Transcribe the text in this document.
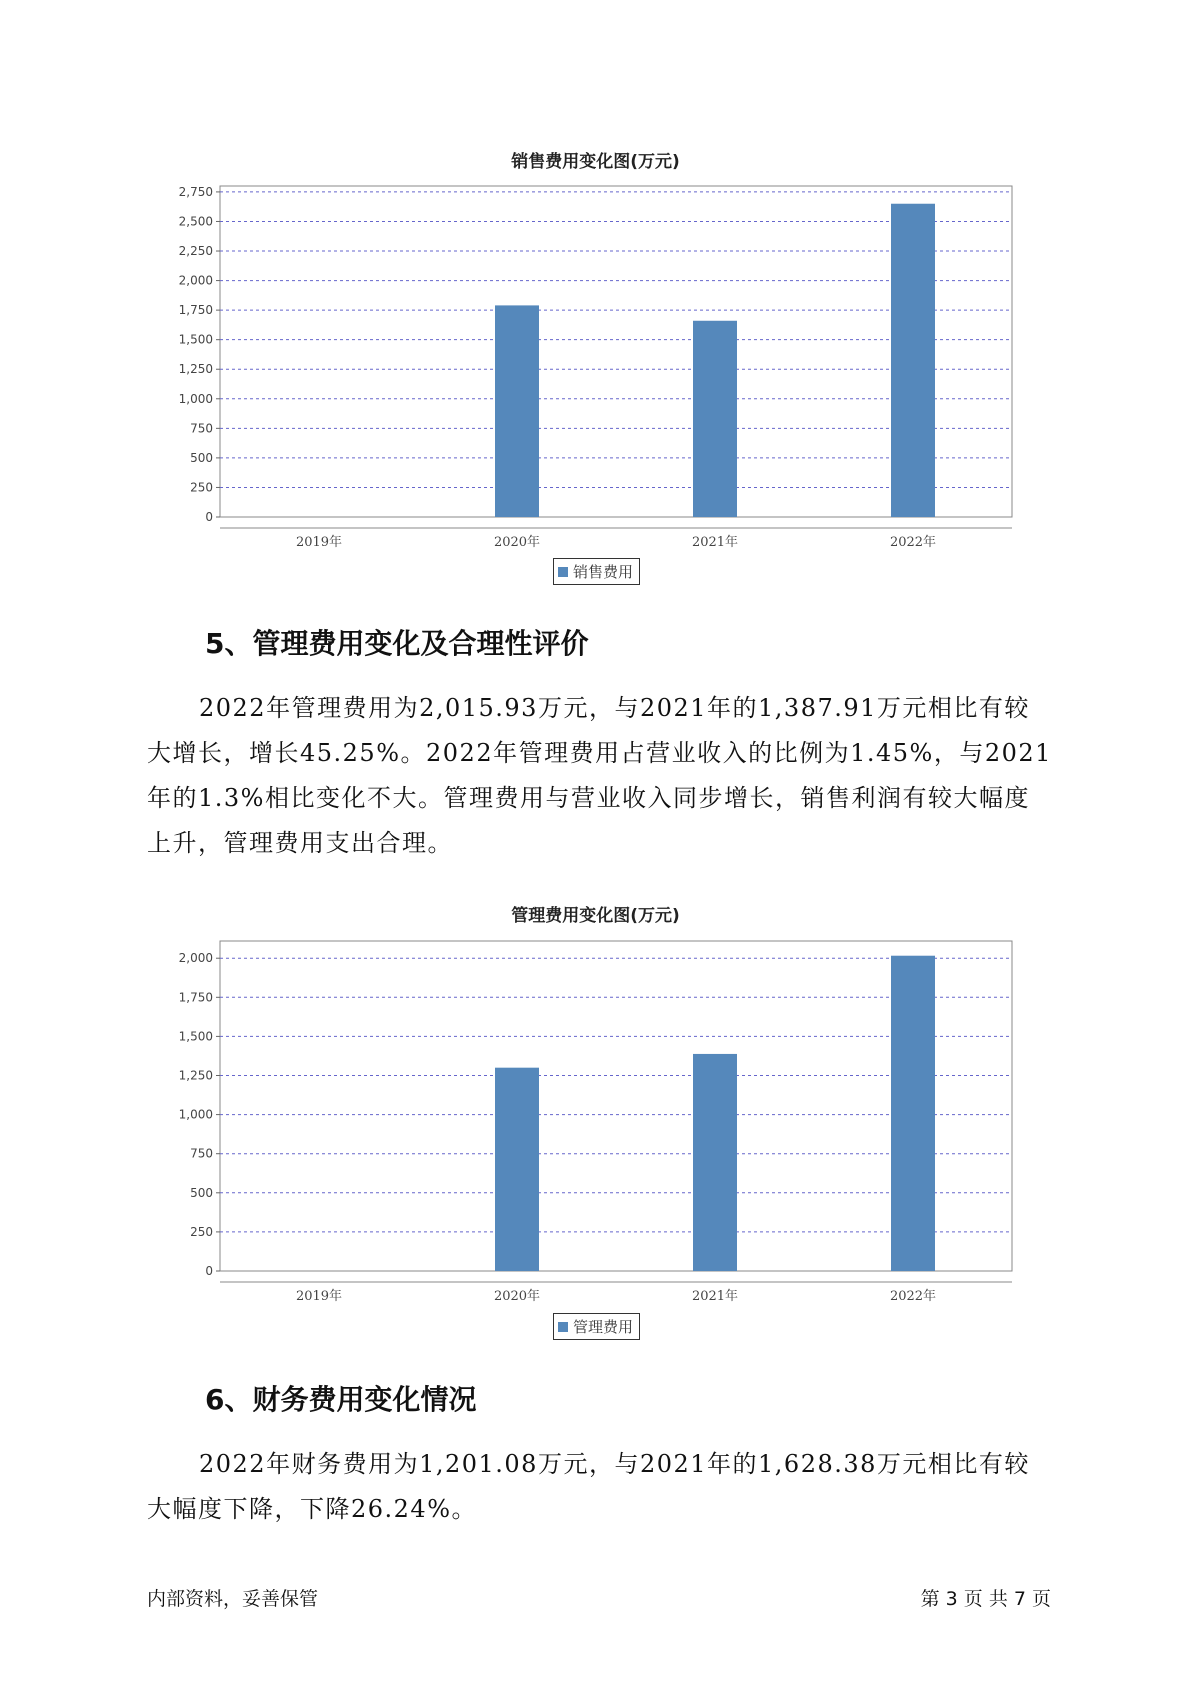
销售费用变化图(万元)
0
250
500
750
1,000
1,250
1,500
1,750
2,000
2,250
2,500
2,750
2019年	2020年	2021年	2022年
销售费用
5、管理费用变化及合理性评价

2022年管理费用为2,015.93万元，与2021年的1,387.91万元相比有较大增长，增长45.25%。2022年管理费用占营业收入的比例为1.45%，与2021年的1.3%相比变化不大。管理费用与营业收入同步增长，销售利润有较大幅度上升，管理费用支出合理。

管理费用变化图(万元)
0
250
500
750
1,000
1,250
1,500
1,750
2,000
2019年	2020年	2021年	2022年
管理费用
6、财务费用变化情况

2022年财务费用为1,201.08万元，与2021年的1,628.38万元相比有较大幅度下降，下降26.24%。

内部资料，妥善保管	第 3 页 共 7 页
